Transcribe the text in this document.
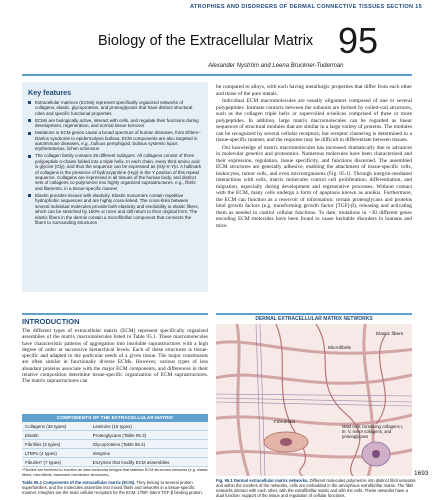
ATROPHIES AND DISORDERS OF DERMAL CONNECTIVE TISSUES SECTION 15
Biology of the Extracellular Matrix 95
Alexander Nyström and Leena Bruckner-Tuderman
Key features
Extracellular matrices (ECMs) represent specifically organized networks of collagens, elastic, glycoproteins, and proteoglycans that have distinct structural roles and specific functional properties
ECMs are biologically active, interact with cells, and regulate their functions during development, regeneration, and normal tissue turnover
Mutations in ECM genes cause a broad spectrum of human diseases, from Ehlers–Danlos syndrome to epidermolysis bullosa. ECM components are also targeted in autoimmune diseases, e.g., bullous pemphigoid, bullous systemic lupus erythematosus, lichen sclerosus
The collagen family contains 28 different subtypes. All collagens consist of three polypeptide α-chains folded into a triple helix. In each chain, every third amino acid is glycine (Gly), and thus the sequence can be expressed as (Gly-X-Y)n. A hallmark of collagens is the presence of hydroxyproline (Hyp) in the Y position of this repeat sequence. Collagens are expressed in all tissues of the human body, and distinct sets of collagens co-polymerize into highly organized suprastructures, e.g., fibrils and filaments, in a tissue-specific manner
Elastin provides tissues with elasticity. Elastin monomers contain repetitive hydrophobic sequences and are highly cross-linked. The cross-links between several individual molecules provide both elasticity and insolubility to elastic fibers, which can be stretched by 150% or more and still return to their original form. The elastic fibers in the dermis contain a microfibrillar component that connects the fibers to surrounding structures

be compared to alloys, with each having metallurgic properties that differ from each other and those of the pure metals.

Individual ECM macromolecules are usually oligomers composed of one or several polypeptides. Intimate contacts between the subunits are formed by coiled-coil structures, such as the collagen triple helix or supercoiled α-helices comprised of three or more polypeptides. In addition, large matrix macromolecules can be regarded as linear sequences of structural modules that are similar in a large variety of proteins. The modules can be recognized by several cellular receptors; but receptor clustering is determined in a tissue-specific manner, and the response may be difficult to differentiate between tissues.

Our knowledge of matrix macromolecules has increased dramatically due to advances in molecular genetics and proteomics. Numerous molecules have been characterized and their expression, regulation, tissue specificity, and functions discerned. The assembled ECM structures are generally adhesive, enabling the attachment of tissue-specific cells, leukocytes, tumor cells, and even microorganisms (Fig. 95.1). Through integrin-mediated interactions with cells, matrix molecules control cell proliferation, differentiation, and migration, especially during development and regenerative processes. Without contact with the ECM, many cells undergo a form of apoptosis known as anoikis. Furthermore, the ECM can function as a reservoir of information; certain proteoglycans and proteins bind growth factors (e.g. transforming growth factor [TGF]-β), releasing and activating them as needed to control cellular functions. To date, mutations in >30 different genes encoding ECM molecules have been found to cause heritable disorders in humans and mice.

INTRODUCTION

The different types of extracellular matrix (ECM) represent specifically organized assemblies of the matrix macromolecules listed in Table 95.1. These macromolecules have characteristic patterns of aggregation into insoluble suprastructures with a high degree of order at successive hierarchical levels. Each of these structures is tissue-specific and adapted to the particular needs of a given tissue. The major constituents are often similar in functionally diverse ECMs. However, various types of less abundant proteins associate with the major ECM components, and differences in their relative composition determine tissue-specific organization of ECM suprastructures. The matrix suprastructures can

COMPONENTS OF THE EXTRACELLULAR MATRIX
Collagens (28 types)	Laminins (15 types)
Elastin	Proteoglycans (Table 95.3)
Fibrillins (3 types)	Glycoproteins (Table 95.4)
LTBPs (4 types)	Integrins
Fibulins* (7 types)	Enzymes that modify ECM assemblies

*Fibulins are believed to function as intra-molecular bridges that stabilize ECM structures networks (e.g. elastic fibers, microfibrils, basement membrane structures).

Table 95.1 Components of the extracellular matrix (ECM). They belong to several protein superfamilies, and the molecules assemble into mixed fibrils and networks in a tissue-specific manner. Integrins are the main cellular receptors for the ECM. LTBP, latent TGF-β binding protein.

DERMAL EXTRACELLULAR MATRIX NETWORKS
Elastic fibers
Microfibrils
Fibroblast
Mast cells containing collagens I, III, V, minor collagens, and proteoglycans

Fig. 95.1 Dermal extracellular matrix networks. Different molecules polymerize into distinct fibril networks and within the meshes of the networks, cells are embedded in the amorphous extrafibrillar matrix. The fibril networks interact with each other, with the extrafibrillar matrix and with the cells. These networks have a dual function: support of the tissue and regulation of cellular functions.

1693
